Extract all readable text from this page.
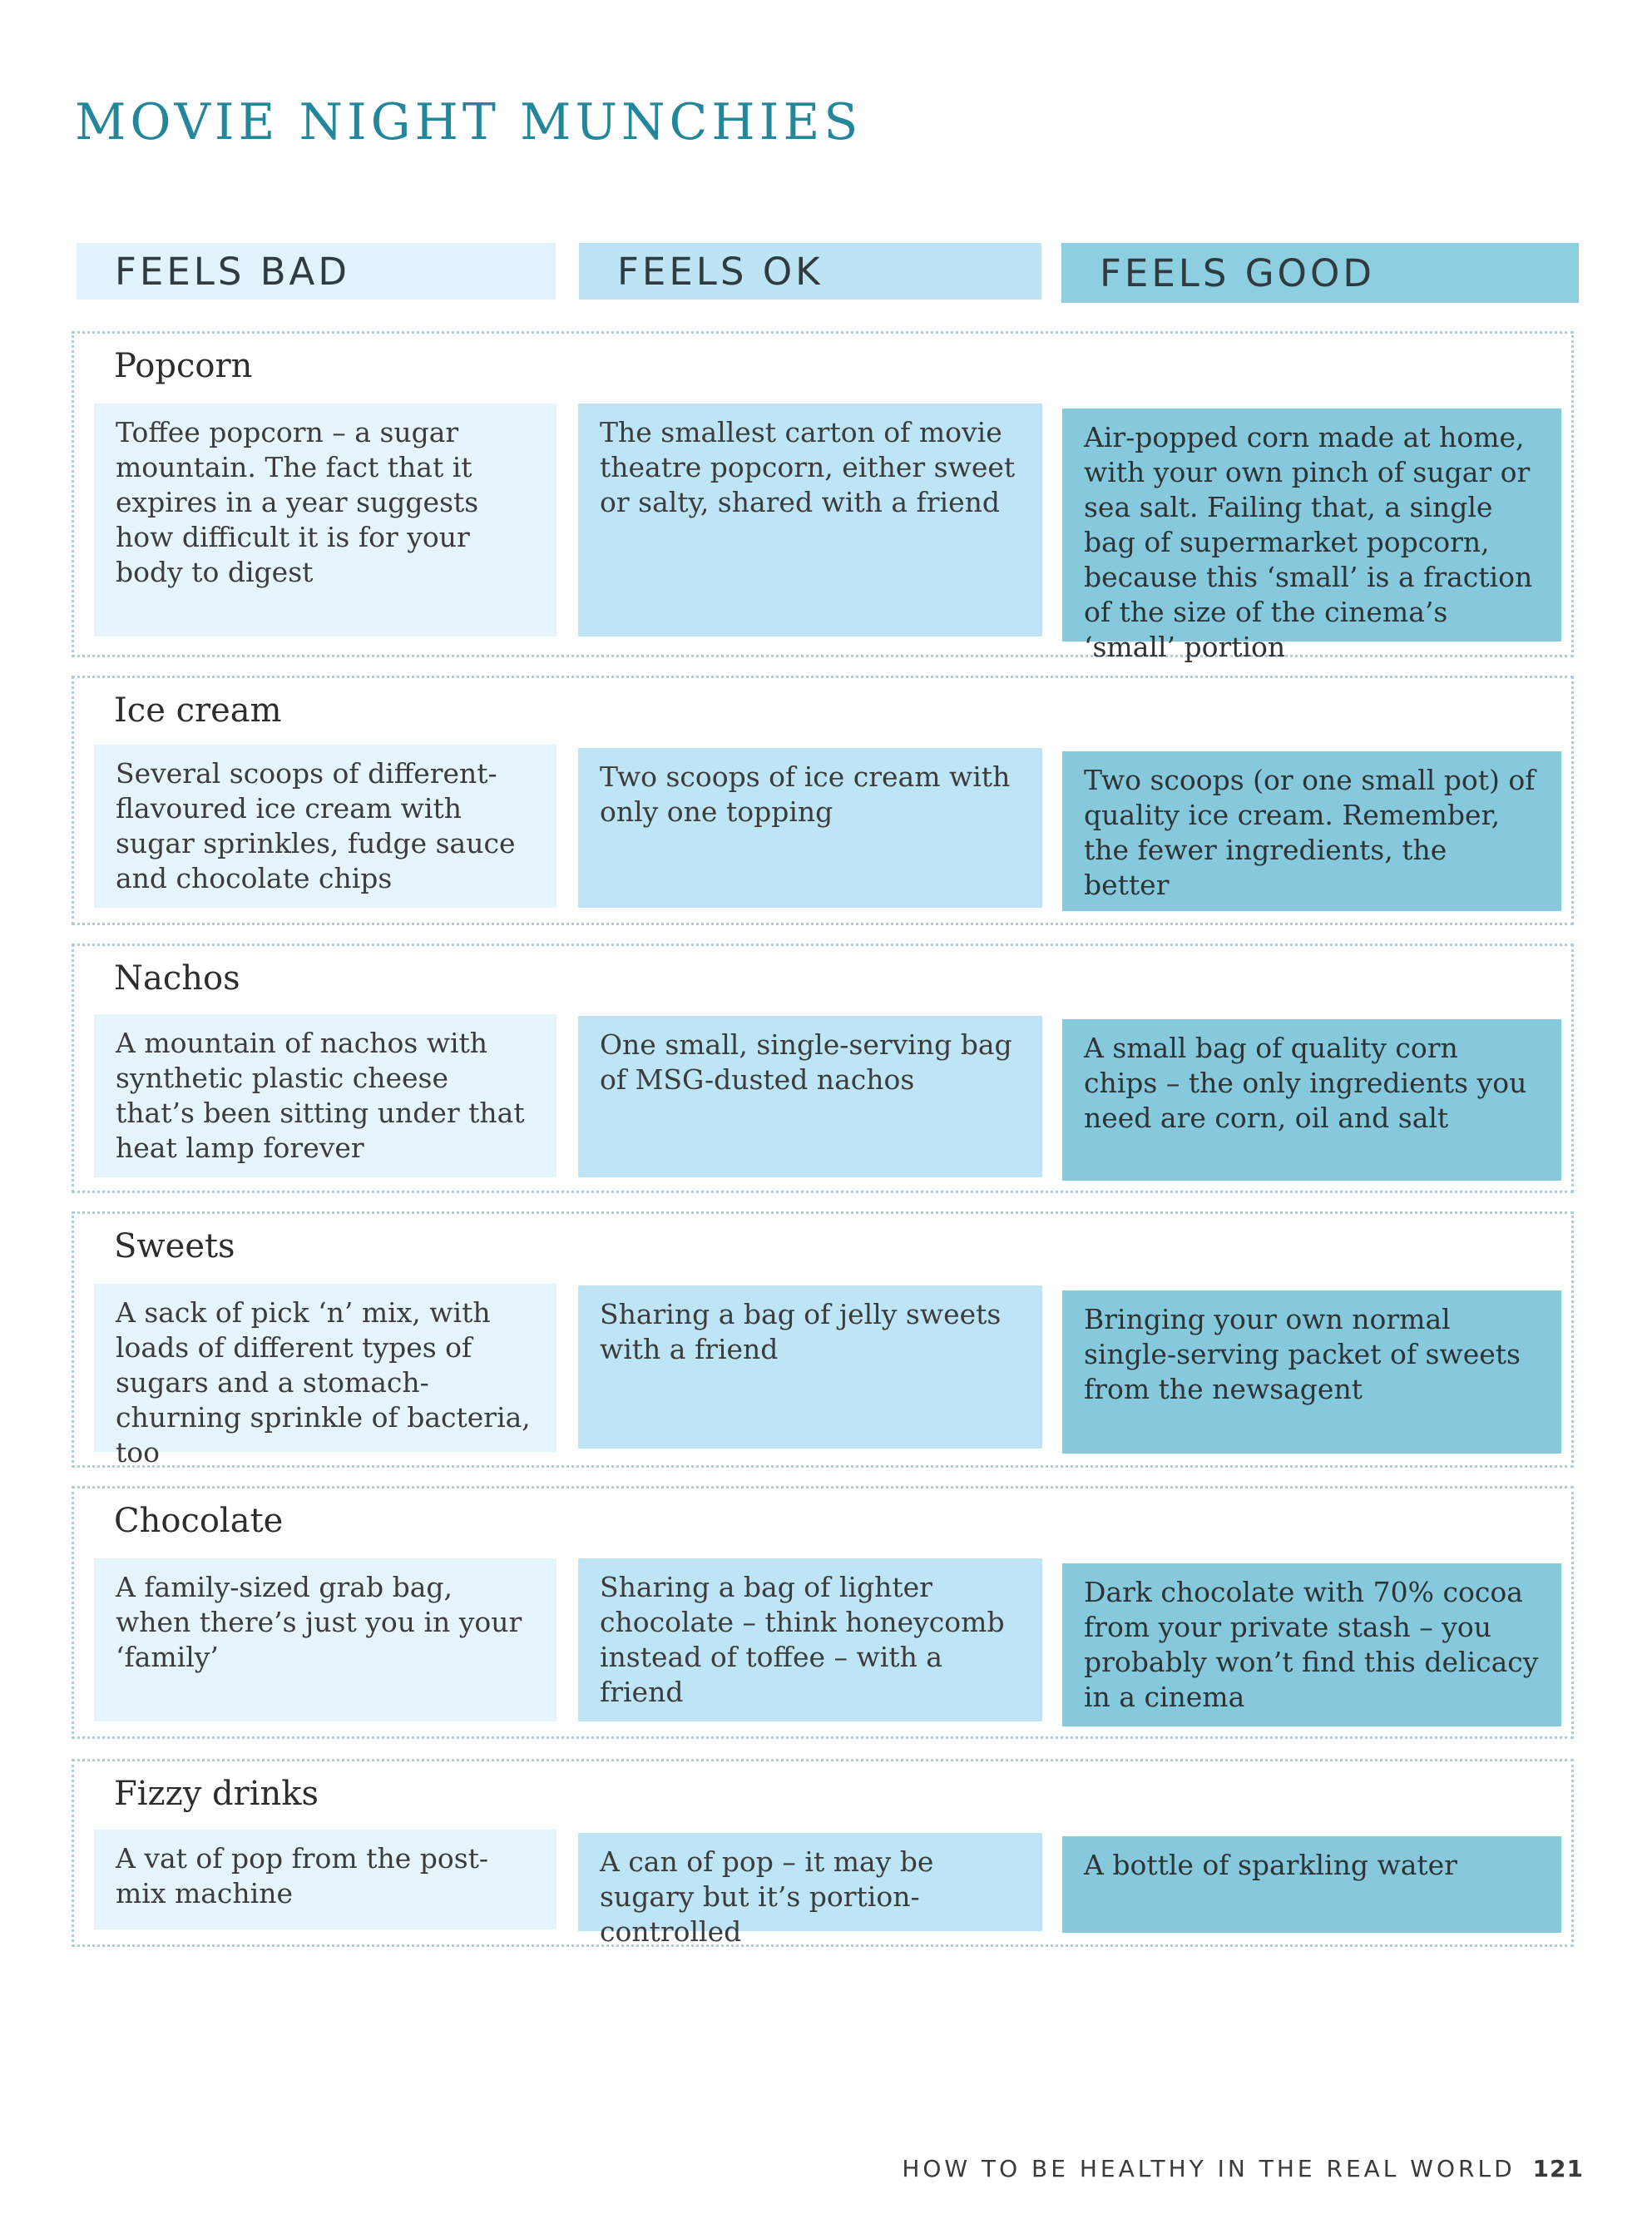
MOVIE NIGHT MUNCHIES
FEELS BAD	FEELS OK	FEELS GOOD
Popcorn
Toffee popcorn – a sugar mountain. The fact that it expires in a year suggests how difficult it is for your body to digest
The smallest carton of movie theatre popcorn, either sweet or salty, shared with a friend
Air-popped corn made at home, with your own pinch of sugar or sea salt. Failing that, a single bag of supermarket popcorn, because this ‘small’ is a fraction of the size of the cinema’s ‘small’ portion
Ice cream
Several scoops of different-flavoured ice cream with sugar sprinkles, fudge sauce and chocolate chips
Two scoops of ice cream with only one topping
Two scoops (or one small pot) of quality ice cream. Remember, the fewer ingredients, the better
Nachos
A mountain of nachos with synthetic plastic cheese that’s been sitting under that heat lamp forever
One small, single-serving bag of MSG-dusted nachos
A small bag of quality corn chips – the only ingredients you need are corn, oil and salt
Sweets
A sack of pick ‘n’ mix, with loads of different types of sugars and a stomach-churning sprinkle of bacteria, too
Sharing a bag of jelly sweets with a friend
Bringing your own normal single-serving packet of sweets from the newsagent
Chocolate
A family-sized grab bag, when there’s just you in your ‘family’
Sharing a bag of lighter chocolate – think honeycomb instead of toffee – with a friend
Dark chocolate with 70% cocoa from your private stash – you probably won’t find this delicacy in a cinema
Fizzy drinks
A vat of pop from the post-mix machine
A can of pop – it may be sugary but it’s portion-controlled
A bottle of sparkling water
HOW TO BE HEALTHY IN THE REAL WORLD 121
